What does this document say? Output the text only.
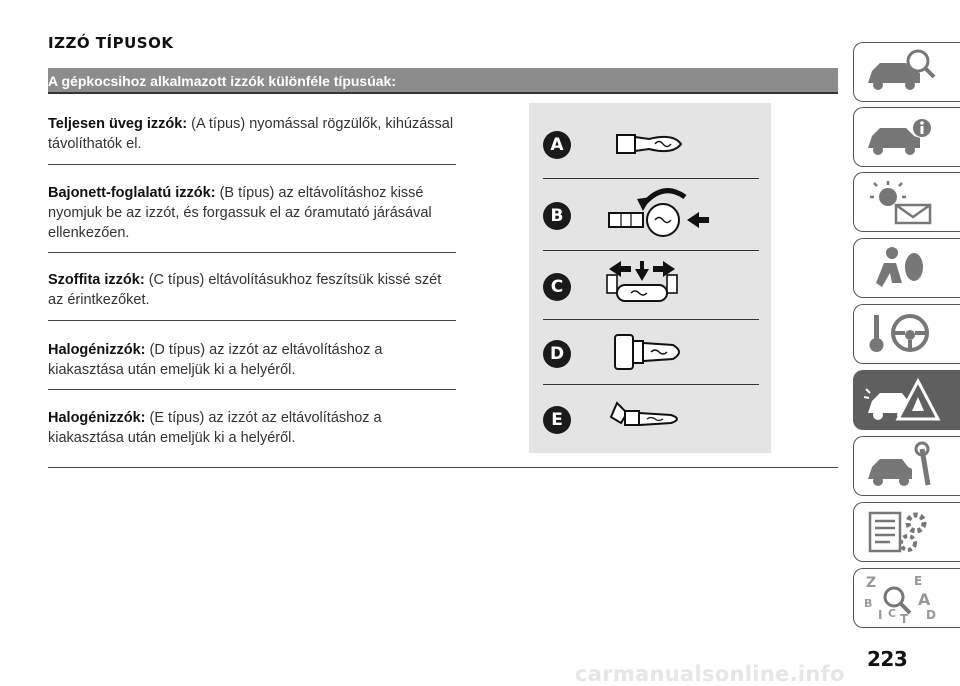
IZZÓ TÍPUSOK
A gépkocsihoz alkalmazott izzók különféle típusúak:
Teljesen üveg izzók: (A típus) nyomással rögzülők, kihúzással távolíthatók el.
Bajonett-foglalatú izzók: (B típus) az eltávolításhoz kissé nyomjuk be az izzót, és forgassuk el az óramutató járásával ellenkezően.
Szoffita izzók: (C típus) eltávolításukhoz feszítsük kissé szét az érintkezőket.
Halogénizzók: (D típus) az izzót az eltávolításhoz a kiakasztása után emeljük ki a helyéről.
Halogénizzók: (E típus) az izzót az eltávolításhoz a kiakasztása után emeljük ki a helyéről.
A
B
C
D
E
Z	E
B	A
D
I C T
223
carmanualsonline.info
